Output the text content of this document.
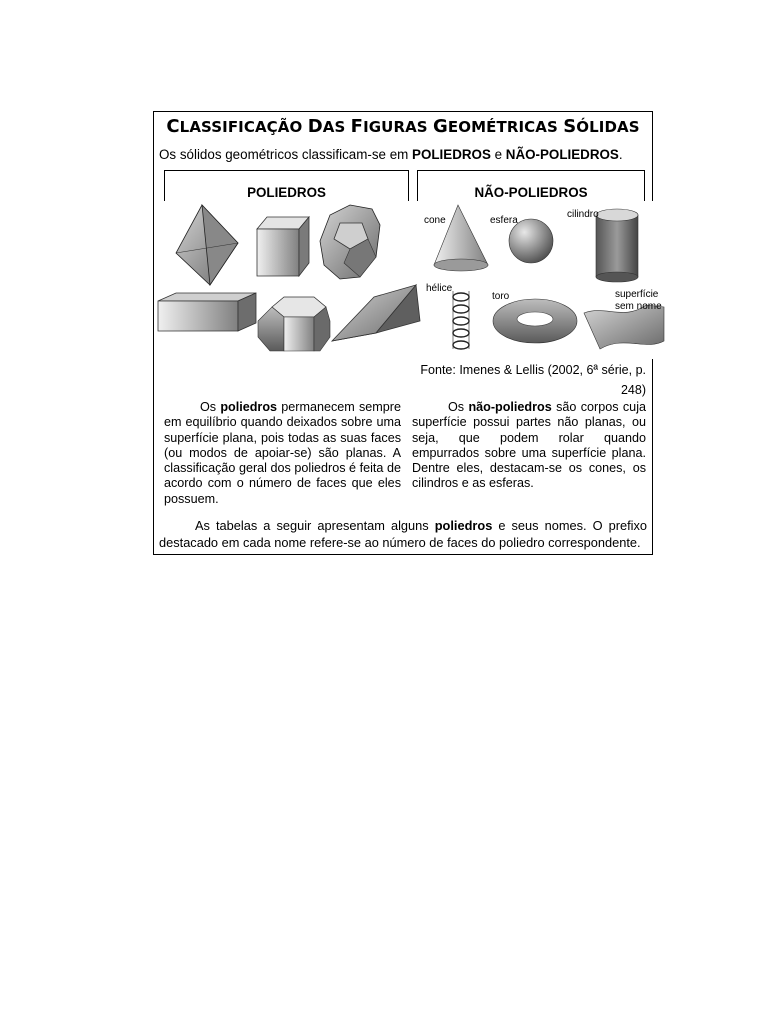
CLASSIFICAÇÃO DAS FIGURAS GEOMÉTRICAS SÓLIDAS
Os sólidos geométricos classificam-se em POLIEDROS e NÃO-POLIEDROS.
POLIEDROS	NÃO-POLIEDROS
cone	esfera
cilindro
hélice
toro	superfície
sem nome
Fonte: Imenes & Lellis (2002, 6ª série, p. 248)
Os poliedros permanecem sempre em equilíbrio quando deixados sobre uma superfície plana, pois todas as suas faces (ou modos de apoiar-se) são planas. A classificação geral dos poliedros é feita de acordo com o número de faces que eles possuem.
Os não-poliedros são corpos cuja superfície possui partes não planas, ou seja, que podem rolar quando empurrados sobre uma superfície plana. Dentre eles, destacam-se os cones, os cilindros e as esferas.
As tabelas a seguir apresentam alguns poliedros e seus nomes. O prefixo destacado em cada nome refere-se ao número de faces do poliedro correspondente.
